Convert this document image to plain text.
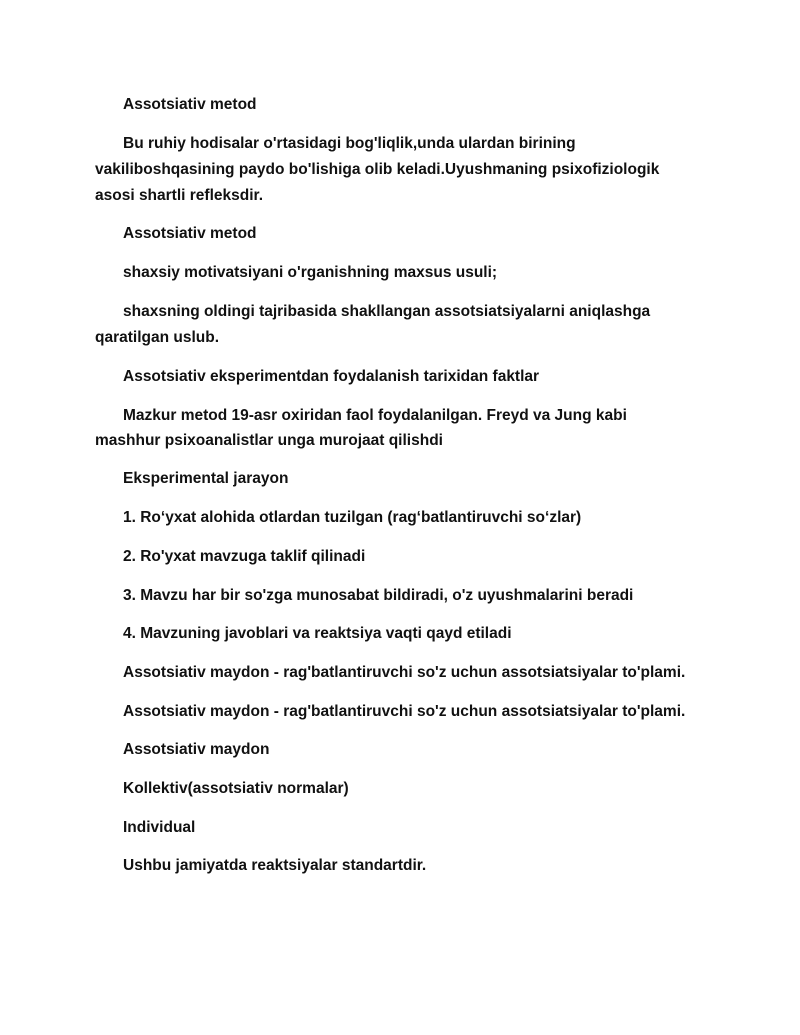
Assotsiativ metod

Bu ruhiy hodisalar o'rtasidagi bog'liqlik,unda ulardan birining

vakiliboshqasining paydo bo'lishiga olib keladi.Uyushmaning psixofiziologik

asosi shartli refleksdir.

Assotsiativ metod

shaxsiy motivatsiyani o'rganishning maxsus usuli;

shaxsning oldingi tajribasida shakllangan assotsiatsiyalarni aniqlashga

qaratilgan uslub.

Assotsiativ eksperimentdan foydalanish tarixidan faktlar

Mazkur metod 19-asr oxiridan faol foydalanilgan. Freyd va Jung kabi

mashhur psixoanalistlar unga murojaat qilishdi

Eksperimental jarayon

1. Ro‘yxat alohida otlardan tuzilgan (rag‘batlantiruvchi so‘zlar)

2. Ro'yxat mavzuga taklif qilinadi

3. Mavzu har bir so'zga munosabat bildiradi, o'z uyushmalarini beradi

4. Mavzuning javoblari va reaktsiya vaqti qayd etiladi

Assotsiativ maydon - rag'batlantiruvchi so'z uchun assotsiatsiyalar to'plami.

Assotsiativ maydon - rag'batlantiruvchi so'z uchun assotsiatsiyalar to'plami.

Assotsiativ maydon

Kollektiv(assotsiativ normalar)

Individual

Ushbu jamiyatda reaktsiyalar standartdir.
